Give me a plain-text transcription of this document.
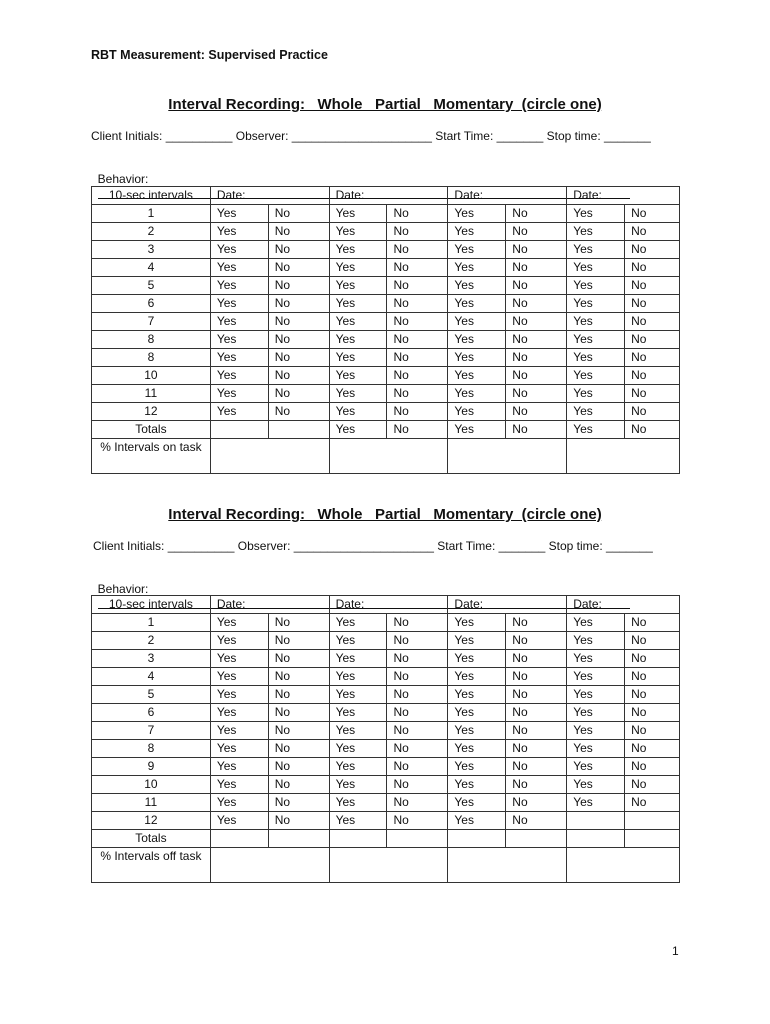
RBT Measurement: Supervised Practice
Interval Recording:   Whole   Partial   Momentary  (circle one)
Client Initials: __________ Observer: _____________________ Start Time: _______ Stop time: _______

Behavior:

10-sec intervals	Date:		Date:		Date:		Date:	
1	Yes	No	Yes	No	Yes	No	Yes	No
2	Yes	No	Yes	No	Yes	No	Yes	No
3	Yes	No	Yes	No	Yes	No	Yes	No
4	Yes	No	Yes	No	Yes	No	Yes	No
5	Yes	No	Yes	No	Yes	No	Yes	No
6	Yes	No	Yes	No	Yes	No	Yes	No
7	Yes	No	Yes	No	Yes	No	Yes	No
8	Yes	No	Yes	No	Yes	No	Yes	No
8	Yes	No	Yes	No	Yes	No	Yes	No
10	Yes	No	Yes	No	Yes	No	Yes	No
11	Yes	No	Yes	No	Yes	No	Yes	No
12	Yes	No	Yes	No	Yes	No	Yes	No
Totals			Yes	No	Yes	No	Yes	No
% Intervals on task								
Interval Recording:   Whole   Partial   Momentary  (circle one)
Client Initials: __________ Observer: _____________________ Start Time: _______ Stop time: _______

Behavior:

10-sec intervals	Date:		Date:		Date:		Date:	
1	Yes	No	Yes	No	Yes	No	Yes	No
2	Yes	No	Yes	No	Yes	No	Yes	No
3	Yes	No	Yes	No	Yes	No	Yes	No
4	Yes	No	Yes	No	Yes	No	Yes	No
5	Yes	No	Yes	No	Yes	No	Yes	No
6	Yes	No	Yes	No	Yes	No	Yes	No
7	Yes	No	Yes	No	Yes	No	Yes	No
8	Yes	No	Yes	No	Yes	No	Yes	No
9	Yes	No	Yes	No	Yes	No	Yes	No
10	Yes	No	Yes	No	Yes	No	Yes	No
11	Yes	No	Yes	No	Yes	No	Yes	No
12	Yes	No	Yes	No	Yes	No		
Totals								
% Intervals off task								
1
